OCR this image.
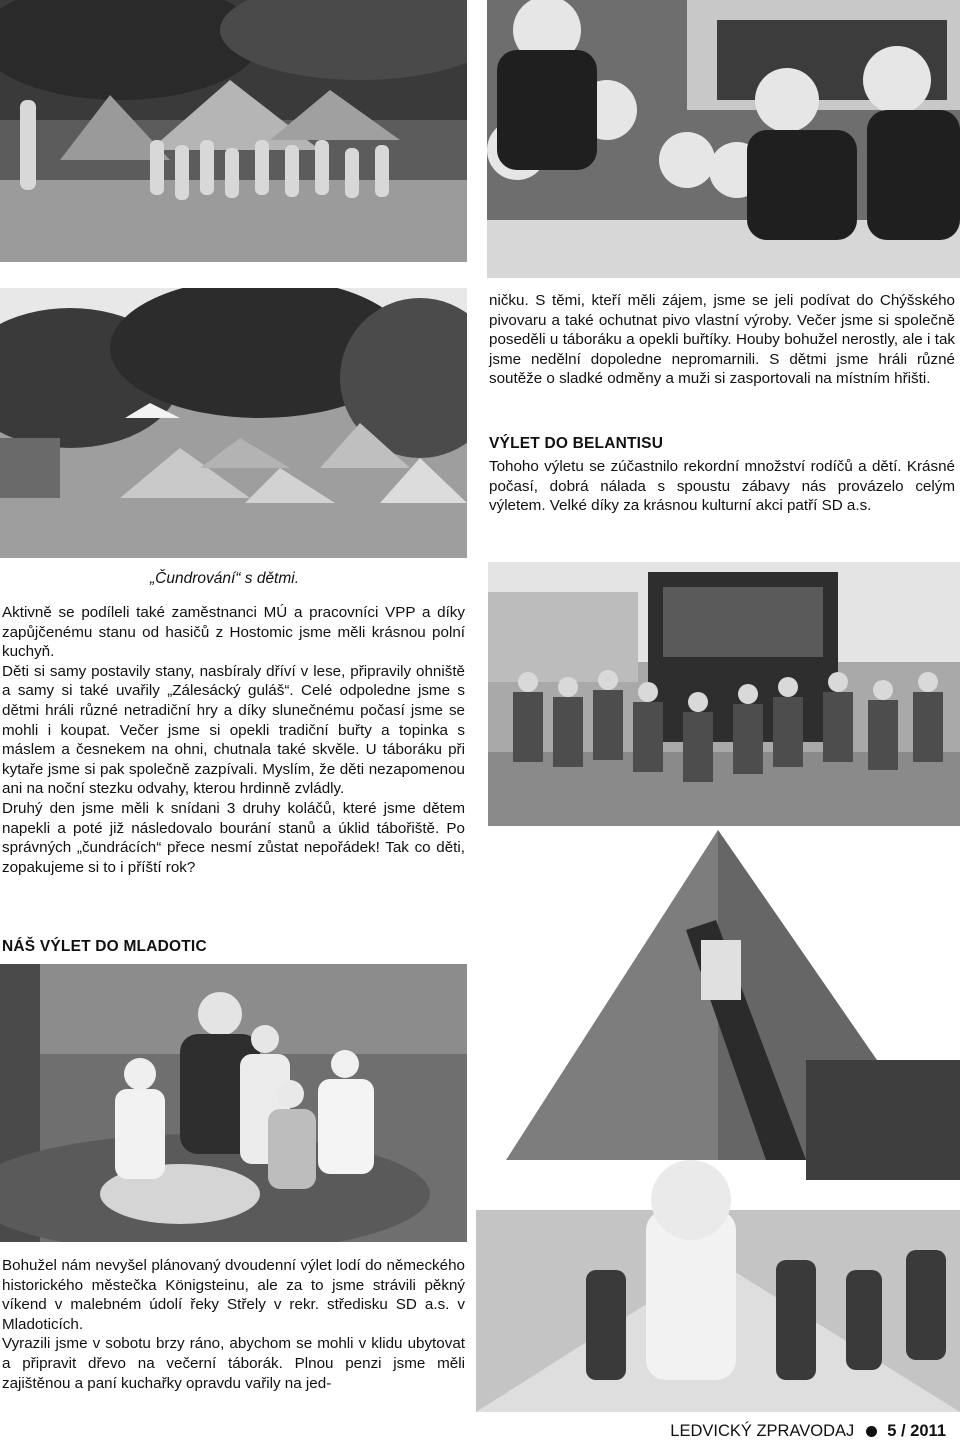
ničku. S těmi, kteří měli zájem, jsme se jeli podívat do Chýšského pivovaru a také ochutnat pivo vlastní výroby. Večer jsme si společně poseděli u táboráku a opekli buřtíky. Houby bohužel nerostly, ale i tak jsme nedělní dopoledne nepromarnili. S dětmi jsme hráli různé soutěže o sladké odměny a muži si zasportovali na místním hřišti.

VÝLET DO BELANTISU

Tohoho výletu se zúčastnilo rekordní množství rodíčů a dětí. Krásné počasí, dobrá nálada s spoustu zábavy nás provázelo celým výletem. Velké díky za krásnou kulturní akci patří SD a.s.

„Čundrování“ s dětmi.

Aktivně se podíleli také zaměstnanci MÚ a pracovníci VPP a díky zapůjčenému stanu od hasičů z Hostomic jsme měli krásnou polní kuchyň.

Děti si samy postavily stany, nasbíraly dříví v lese, připravily ohniště a samy si také uvařily „Zálesácký guláš“. Celé odpoledne jsme s dětmi hráli různé netradiční hry a díky slunečnému počasí jsme se mohli i koupat. Večer jsme si opekli tradiční buřty a topinka s máslem a česnekem na ohni, chutnala také skvěle. U táboráku při kytaře jsme si pak společně zazpívali. Myslím, že děti nezapomenou ani na noční stezku odvahy, kterou hrdinně zvládly.

Druhý den jsme měli k snídani 3 druhy koláčů, které jsme dětem napekli a poté již následovalo bourání stanů a úklid tábořiště. Po správných „čundrácích“ přece nesmí zůstat nepořádek! Tak co děti, zopakujeme si to i příští rok?

NÁŠ VÝLET DO MLADOTIC

Bohužel nám nevyšel plánovaný dvoudenní výlet lodí do německého historického městečka Königsteinu, ale za to jsme strávili pěkný víkend v malebném údolí řeky Střely v rekr. středisku SD a.s. v Mladoticích.

Vyrazili jsme v sobotu brzy ráno, abychom se mohli v klidu ubytovat a připravit dřevo na večerní táborák. Plnou penzi jsme měli zajištěnou a paní kuchařky opravdu vařily na jed-

LEDVICKÝ ZPRAVODAJ 5 / 2011
